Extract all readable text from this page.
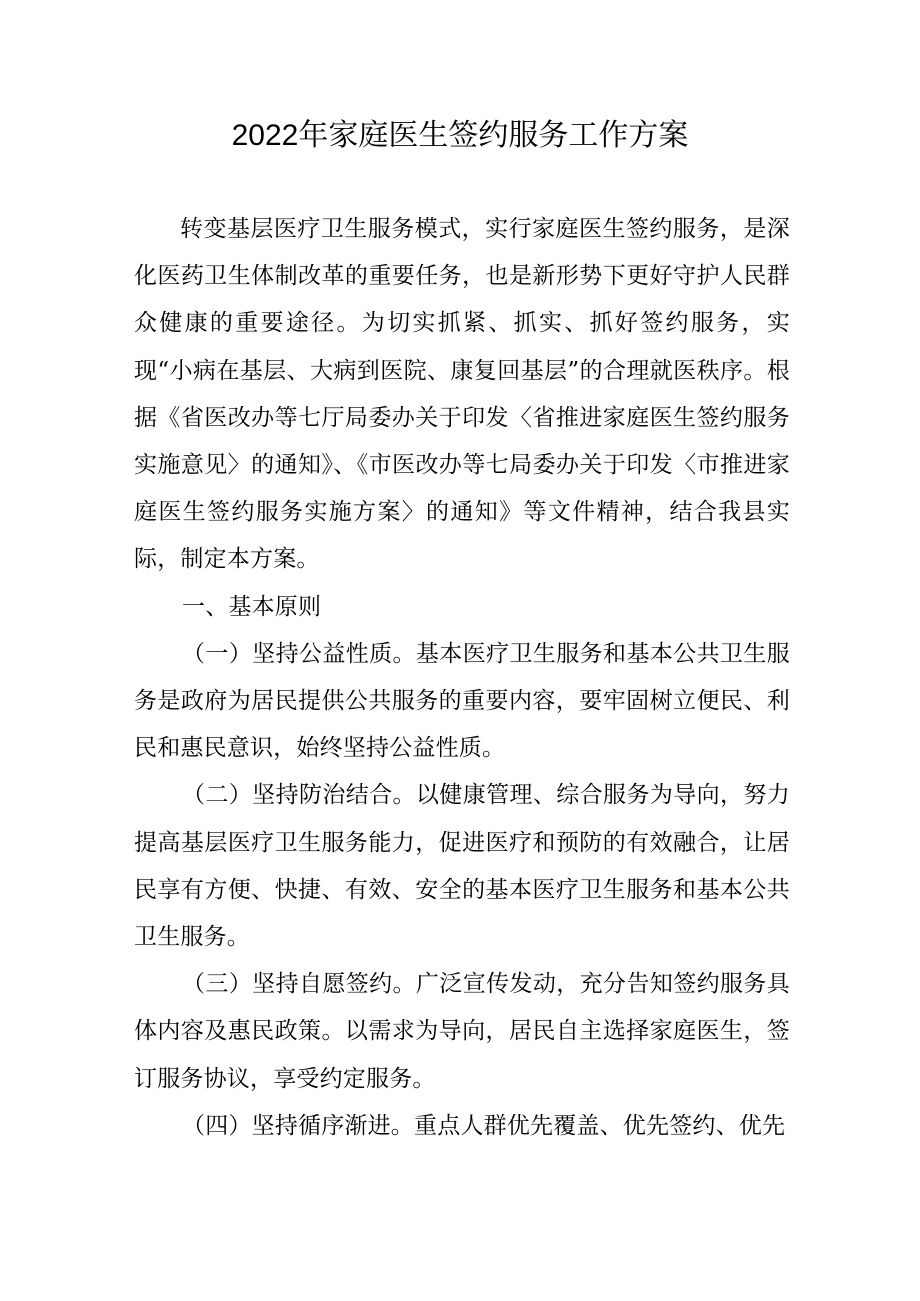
2022年家庭医生签约服务工作方案

转变基层医疗卫生服务模式，实行家庭医生签约服务，是深化医药卫生体制改革的重要任务，也是新形势下更好守护人民群众健康的重要途径。为切实抓紧、抓实、抓好签约服务，实现“小病在基层、大病到医院、康复回基层”的合理就医秩序。根据《省医改办等七厅局委办关于印发〈省推进家庭医生签约服务实施意见〉的通知》、《市医改办等七局委办关于印发〈市推进家庭医生签约服务实施方案〉的通知》等文件精神，结合我县实际，制定本方案。

一、基本原则

（一）坚持公益性质。基本医疗卫生服务和基本公共卫生服务是政府为居民提供公共服务的重要内容，要牢固树立便民、利民和惠民意识，始终坚持公益性质。

（二）坚持防治结合。以健康管理、综合服务为导向，努力提高基层医疗卫生服务能力，促进医疗和预防的有效融合，让居民享有方便、快捷、有效、安全的基本医疗卫生服务和基本公共卫生服务。

（三）坚持自愿签约。广泛宣传发动，充分告知签约服务具体内容及惠民政策。以需求为导向，居民自主选择家庭医生，签订服务协议，享受约定服务。

（四）坚持循序渐进。重点人群优先覆盖、优先签约、优先
